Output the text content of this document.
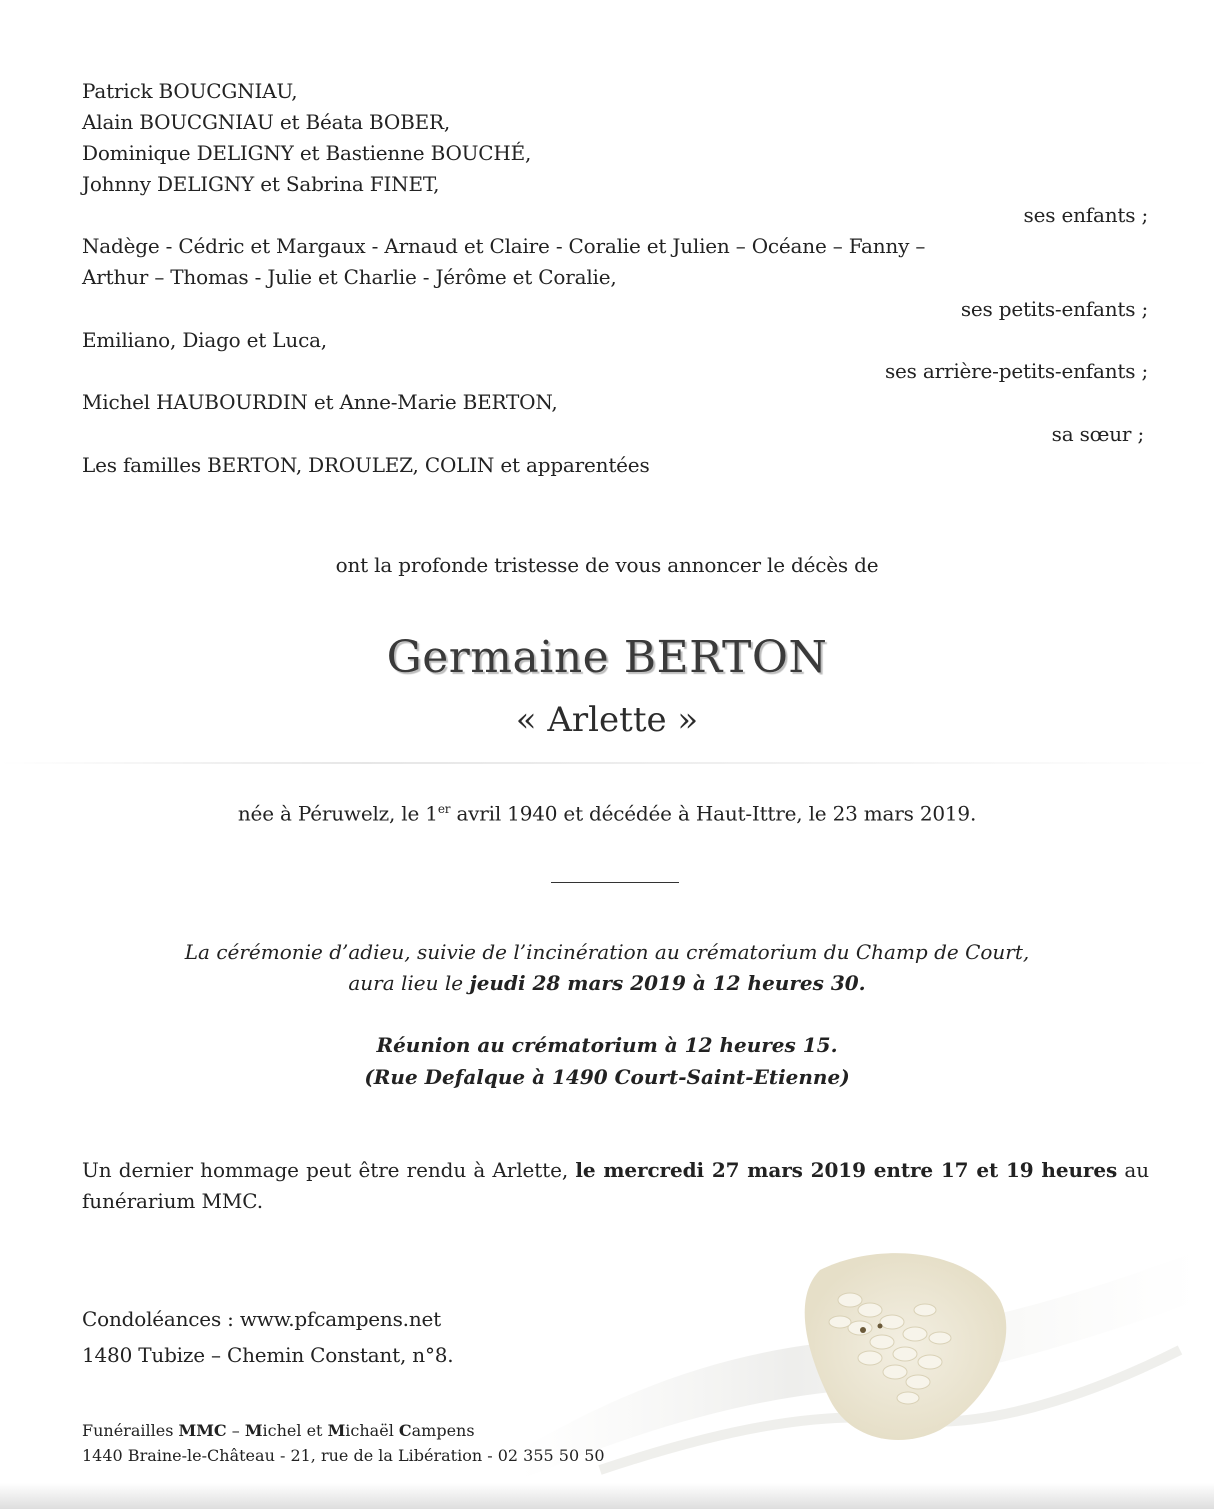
Patrick BOUCGNIAU,
Alain BOUCGNIAU et Béata BOBER,
Dominique DELIGNY et Bastienne BOUCHÉ,
Johnny DELIGNY et Sabrina FINET,
ses enfants ;
Nadège - Cédric et Margaux - Arnaud et Claire - Coralie et Julien – Océane – Fanny –
Arthur – Thomas - Julie et Charlie - Jérôme et Coralie,
ses petits-enfants ;
Emiliano, Diago et Luca,
ses arrière-petits-enfants ;
Michel HAUBOURDIN et Anne-Marie BERTON,
sa sœur ;
Les familles BERTON, DROULEZ, COLIN et apparentées
ont la profonde tristesse de vous annoncer le décès de
Germaine BERTON
« Arlette »
née à Péruwelz, le 1er avril 1940 et décédée à Haut-Ittre, le 23 mars 2019.
La cérémonie d’adieu, suivie de l’incinération au crématorium du Champ de Court,
aura lieu le jeudi 28 mars 2019 à 12 heures 30.
Réunion au crématorium à 12 heures 15.
(Rue Defalque à 1490 Court-Saint-Etienne)
Un dernier hommage peut être rendu à Arlette, le mercredi 27 mars 2019 entre 17 et 19 heures au funérarium MMC.
Condoléances : www.pfcampens.net
1480 Tubize – Chemin Constant, n°8.
Funérailles MMC – Michel et Michaël Campens
1440 Braine-le-Château - 21, rue de la Libération - 02 355 50 50
